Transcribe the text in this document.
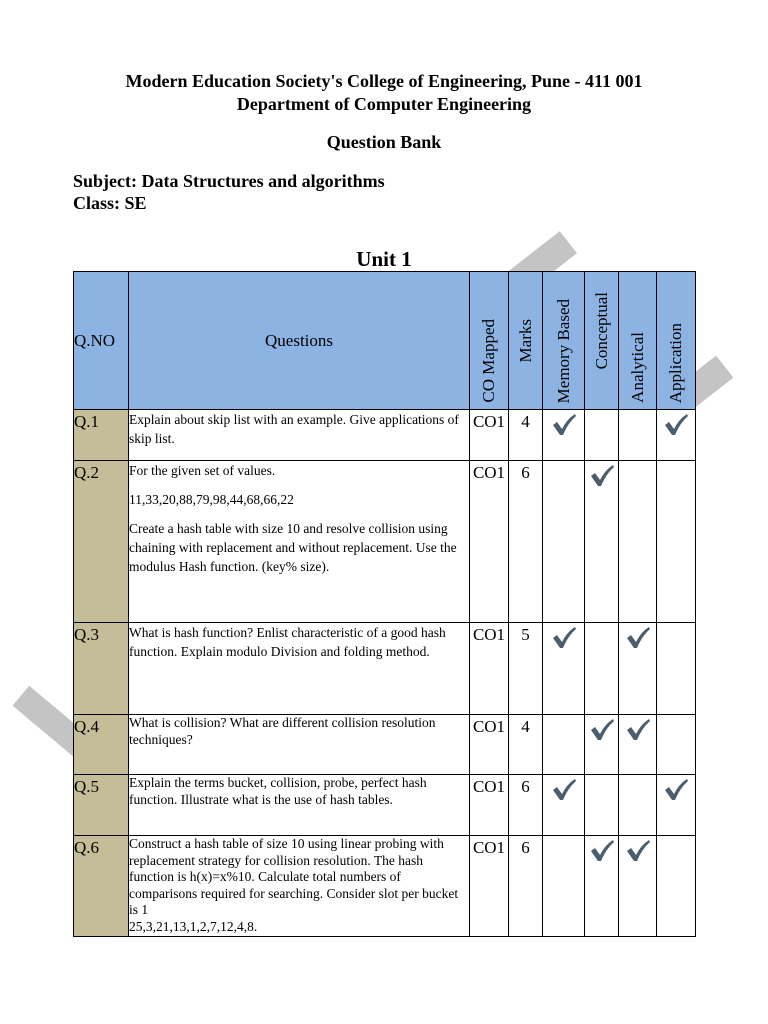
Modern Education Society's College of Engineering, Pune - 411 001
Department of Computer Engineering
Question Bank
Subject: Data Structures and algorithms
Class: SE
Unit 1
Q.NO	Questions	CO Mapped	Marks	Memory Based	Conceptual	Analytical	Application

Q.1	Explain about skip list with an example. Give applications of skip list.	CO1	4				
Q.2	For the given set of values.

11,33,20,88,79,98,44,68,66,22

Create a hash table with size 10 and resolve collision using chaining with replacement and without replacement. Use the modulus Hash function. (key% size).	CO1	6				
Q.3	What is hash function? Enlist characteristic of a good hash function. Explain modulo Division and folding method.	CO1	5				
Q.4	What is collision? What are different collision resolution techniques?	CO1	4				
Q.5	Explain the terms bucket, collision, probe, perfect hash function. Illustrate what is the use of hash tables.	CO1	6				
Q.6	Construct a hash table of size 10 using linear probing with replacement strategy for collision resolution. The hash function is h(x)=x%10. Calculate total numbers of comparisons required for searching. Consider slot per bucket is 1
25,3,21,13,1,2,7,12,4,8.	CO1	6				
